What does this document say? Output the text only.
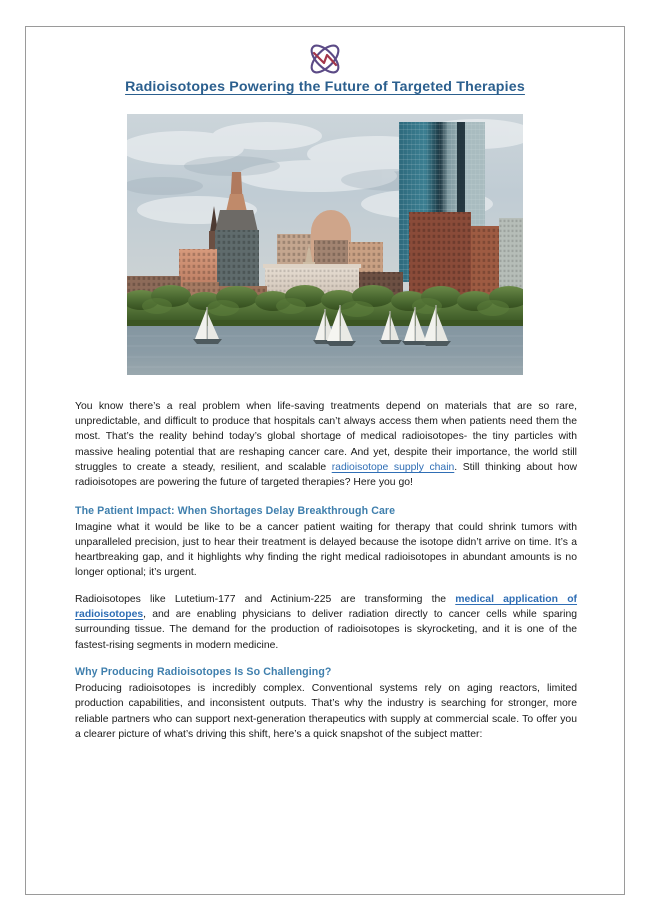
Radioisotopes Powering the Future of Targeted Therapies

You know there’s a real problem when life-saving treatments depend on materials that are so rare, unpredictable, and difficult to produce that hospitals can’t always access them when patients need them the most. That’s the reality behind today’s global shortage of medical radioisotopes- the tiny particles with massive healing potential that are reshaping cancer care. And yet, despite their importance, the world still struggles to create a steady, resilient, and scalable radioisotope supply chain. Still thinking about how radioisotopes are powering the future of targeted therapies? Here you go!

The Patient Impact: When Shortages Delay Breakthrough Care

Imagine what it would be like to be a cancer patient waiting for therapy that could shrink tumors with unparalleled precision, just to hear their treatment is delayed because the isotope didn’t arrive on time. It’s a heartbreaking gap, and it highlights why finding the right medical radioisotopes in abundant amounts is no longer optional; it’s urgent.

Radioisotopes like Lutetium-177 and Actinium-225 are transforming the medical application of radioisotopes, and are enabling physicians to deliver radiation directly to cancer cells while sparing surrounding tissue. The demand for the production of radioisotopes is skyrocketing, and it is one of the fastest-rising segments in modern medicine.

Why Producing Radioisotopes Is So Challenging?

Producing radioisotopes is incredibly complex. Conventional systems rely on aging reactors, limited production capabilities, and inconsistent outputs. That’s why the industry is searching for stronger, more reliable partners who can support next-generation therapeutics with supply at commercial scale. To offer you a clearer picture of what’s driving this shift, here’s a quick snapshot of the subject matter:
